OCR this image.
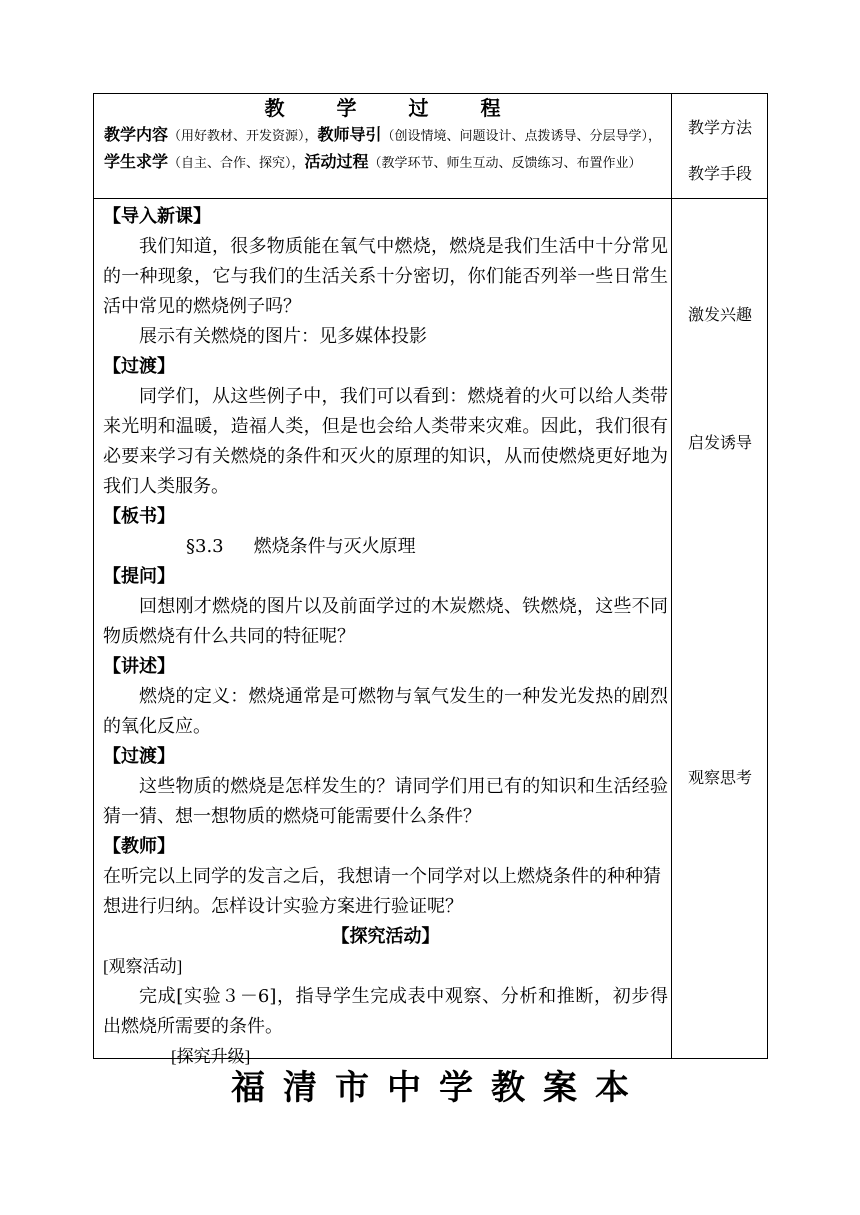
教学过程
教学内容（用好教材、开发资源），教师导引（创设情境、问题设计、点拨诱导、分层导学），学生求学（自主、合作、探究），活动过程（教学环节、师生互动、反馈练习、布置作业）
教学方法
教学手段
激发兴趣
启发诱导
观察思考

【导入新课】

我们知道，很多物质能在氧气中燃烧，燃烧是我们生活中十分常见的一种现象，它与我们的生活关系十分密切，你们能否列举一些日常生活中常见的燃烧例子吗？

展示有关燃烧的图片：见多媒体投影

【过渡】

同学们，从这些例子中，我们可以看到：燃烧着的火可以给人类带来光明和温暖，造福人类，但是也会给人类带来灾难。因此，我们很有必要来学习有关燃烧的条件和灭火的原理的知识，从而使燃烧更好地为我们人类服务。

【板书】

§3.3 燃烧条件与灭火原理

【提问】

回想刚才燃烧的图片以及前面学过的木炭燃烧、铁燃烧，这些不同物质燃烧有什么共同的特征呢？

【讲述】

燃烧的定义：燃烧通常是可燃物与氧气发生的一种发光发热的剧烈的氧化反应。

【过渡】

这些物质的燃烧是怎样发生的？请同学们用已有的知识和生活经验猜一猜、想一想物质的燃烧可能需要什么条件？

【教师】

在听完以上同学的发言之后，我想请一个同学对以上燃烧条件的种种猜想进行归纳。怎样设计实验方案进行验证呢？

【探究活动】

[观察活动]

完成[实验３－6]，指导学生完成表中观察、分析和推断，初步得出燃烧所需要的条件。

[探究升级]

福清市中学教案本
